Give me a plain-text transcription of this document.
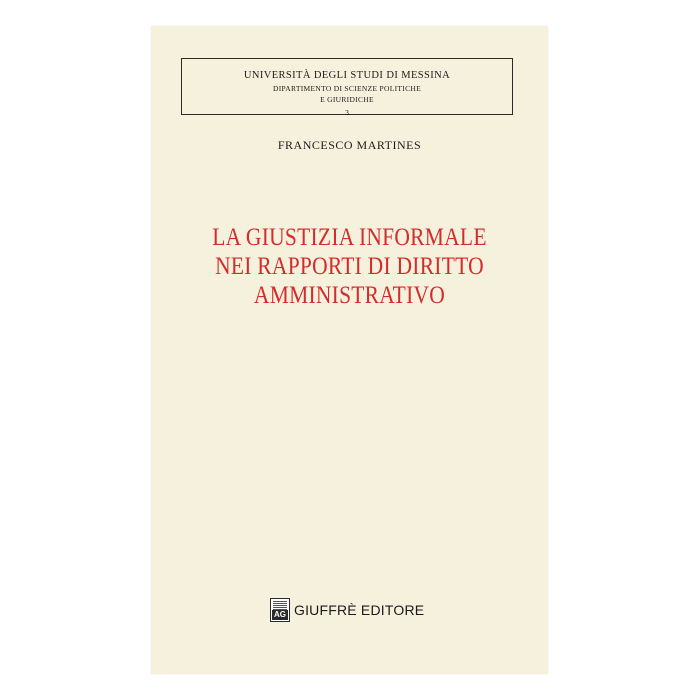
UNIVERSITÀ DEGLI STUDI DI MESSINA
DIPARTIMENTO DI SCIENZE POLITICHE
E GIURIDICHE
3
FRANCESCO MARTINES
LA GIUSTIZIA INFORMALE
NEI RAPPORTI DI DIRITTO
AMMINISTRATIVO
AG GIUFFRÈ EDITORE
